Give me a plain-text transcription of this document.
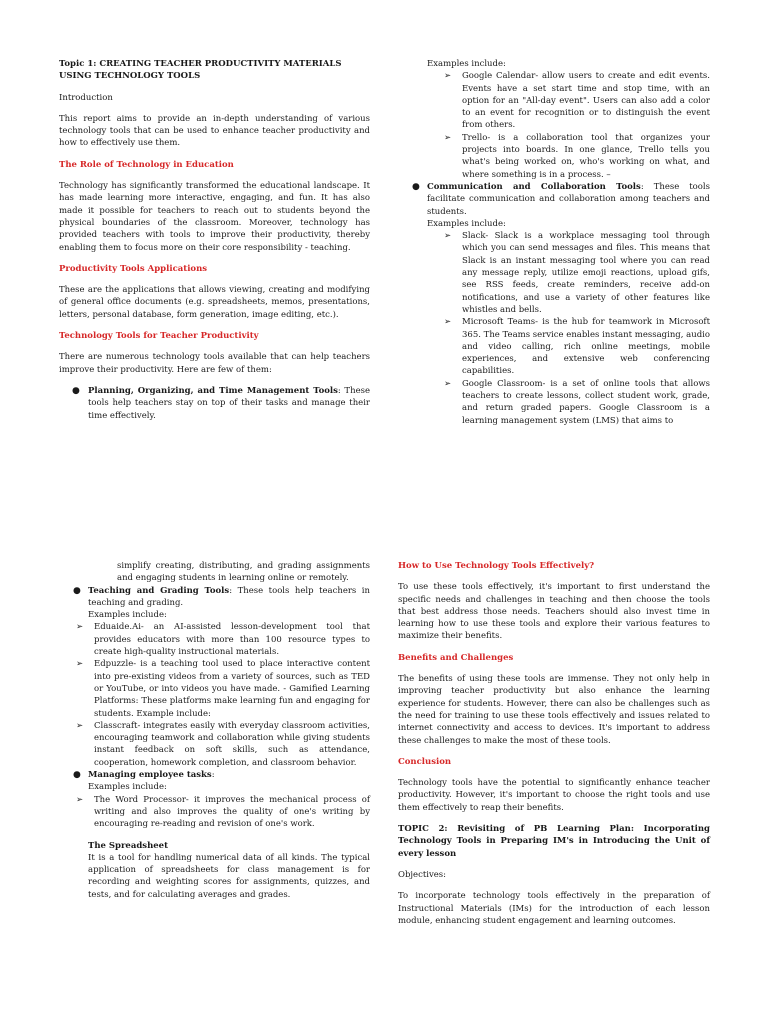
Topic 1: CREATING TEACHER PRODUCTIVITY MATERIALS USING TECHNOLOGY TOOLS

Introduction

This report aims to provide an in-depth understanding of various technology tools that can be used to enhance teacher productivity and how to effectively use them.

The Role of Technology in Education

Technology has significantly transformed the educational landscape. It has made learning more interactive, engaging, and fun. It has also made it possible for teachers to reach out to students beyond the physical boundaries of the classroom. Moreover, technology has provided teachers with tools to improve their productivity, thereby enabling them to focus more on their core responsibility - teaching.

Productivity Tools Applications

These are the applications that allows viewing, creating and modifying of general office documents (e.g. spreadsheets, memos, presentations, letters, personal database, form generation, image editing, etc.).

Technology Tools for Teacher Productivity

There are numerous technology tools available that can help teachers improve their productivity. Here are few of them:

● Planning, Organizing, and Time Management Tools: These tools help teachers stay on top of their tasks and manage their time effectively.
Examples include:
➢ Google Calendar- allow users to create and edit events. Events have a set start time and stop time, with an option for an "All-day event". Users can also add a color to an event for recognition or to distinguish the event from others.
➢ Trello- is a collaboration tool that organizes your projects into boards. In one glance, Trello tells you what's being worked on, who's working on what, and where something is in a process. –
● Communication and Collaboration Tools: These tools facilitate communication and collaboration among teachers and students.
Examples include:
➢ Slack- Slack is a workplace messaging tool through which you can send messages and files. This means that Slack is an instant messaging tool where you can read any message reply, utilize emoji reactions, upload gifs, see RSS feeds, create reminders, receive add-on notifications, and use a variety of other features like whistles and bells.
➢ Microsoft Teams- is the hub for teamwork in Microsoft 365. The Teams service enables instant messaging, audio and video calling, rich online meetings, mobile experiences, and extensive web conferencing capabilities.
➢ Google Classroom- is a set of online tools that allows teachers to create lessons, collect student work, grade, and return graded papers. Google Classroom is a learning management system (LMS) that aims to
simplify creating, distributing, and grading assignments and engaging students in learning online or remotely.
● Teaching and Grading Tools: These tools help teachers in teaching and grading.
Examples include:
➢ Eduaide.Ai- an AI-assisted lesson-development tool that provides educators with more than 100 resource types to create high-quality instructional materials.
➢ Edpuzzle- is a teaching tool used to place interactive content into pre-existing videos from a variety of sources, such as TED or YouTube, or into videos you have made. - Gamified Learning Platforms: These platforms make learning fun and engaging for students. Example include:
➢ Classcraft- integrates easily with everyday classroom activities, encouraging teamwork and collaboration while giving students instant feedback on soft skills, such as attendance, cooperation, homework completion, and classroom behavior.
● Managing employee tasks:
Examples include:
➢ The Word Processor- it improves the mechanical process of writing and also improves the quality of one's writing by encouraging re-reading and revision of one's work.
The Spreadsheet

It is a tool for handling numerical data of all kinds. The typical application of spreadsheets for class management is for recording and weighting scores for assignments, quizzes, and tests, and for calculating averages and grades.

How to Use Technology Tools Effectively?

To use these tools effectively, it's important to first understand the specific needs and challenges in teaching and then choose the tools that best address those needs. Teachers should also invest time in learning how to use these tools and explore their various features to maximize their benefits.

Benefits and Challenges

The benefits of using these tools are immense. They not only help in improving teacher productivity but also enhance the learning experience for students. However, there can also be challenges such as the need for training to use these tools effectively and issues related to internet connectivity and access to devices. It's important to address these challenges to make the most of these tools.

Conclusion

Technology tools have the potential to significantly enhance teacher productivity. However, it's important to choose the right tools and use them effectively to reap their benefits.

TOPIC 2: Revisiting of PB Learning Plan: Incorporating Technology Tools in Preparing IM's in Introducing the Unit of every lesson

Objectives:

To incorporate technology tools effectively in the preparation of Instructional Materials (IMs) for the introduction of each lesson module, enhancing student engagement and learning outcomes.
